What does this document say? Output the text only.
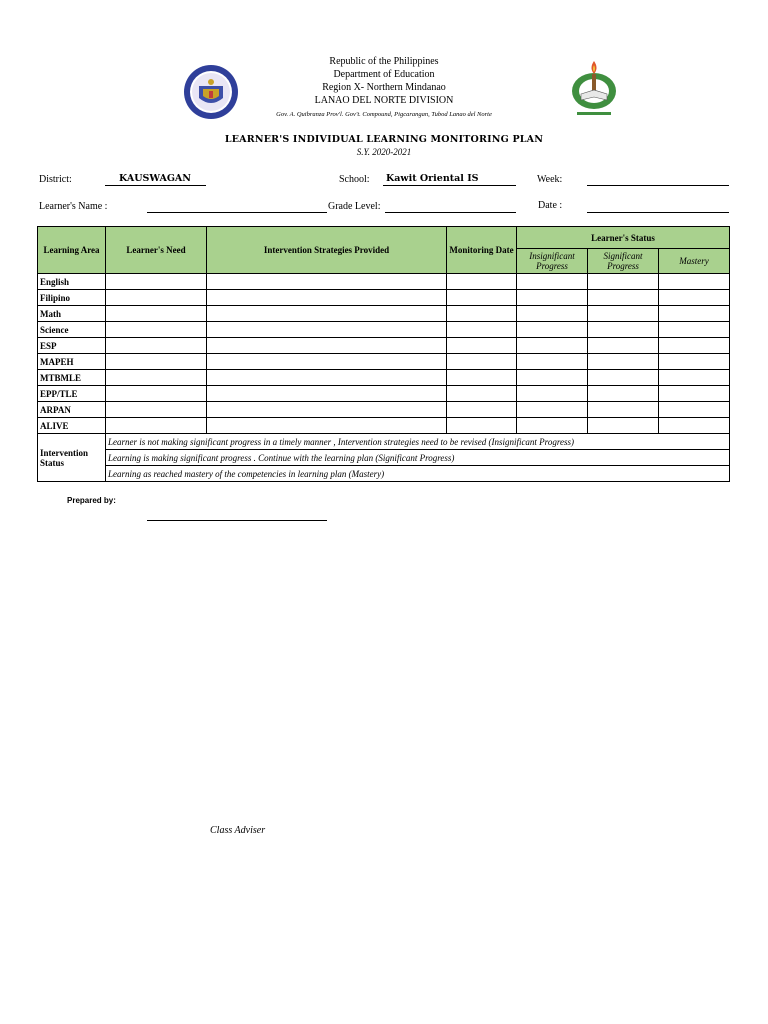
Republic of the Philippines
Department of Education
Region X- Northern Mindanao
LANAO DEL NORTE DIVISION
Gov. A. Quibranza Prov'l. Gov't. Compound, Pigcarangan, Tubod Lanao del Norte
LEARNER'S INDIVIDUAL LEARNING MONITORING PLAN
S.Y. 2020-2021
District:	KAUSWAGAN	School: Kawit Oriental IS	Week:
Learner's Name :	Grade Level:	Date :
Learning Area	Learner's Need	Intervention Strategies Provided	Monitoring Date	Learner's Status		
				Insignificant Progress	Significant Progress	Mastery
English						
Filipino						
Math						
Science						
ESP						
MAPEH						
MTBMLE						
EPP/TLE						
ARPAN						
ALIVE						
Intervention Status	Learner is not making significant progress in a timely manner , Intervention strategies need to be revised (Insignificant Progress)					
	Learning is making significant progress . Continue with the learning plan (Significant Progress)					
	Learning as reached mastery of the competencies in learning plan (Mastery)					
Prepared by:
Class Adviser
